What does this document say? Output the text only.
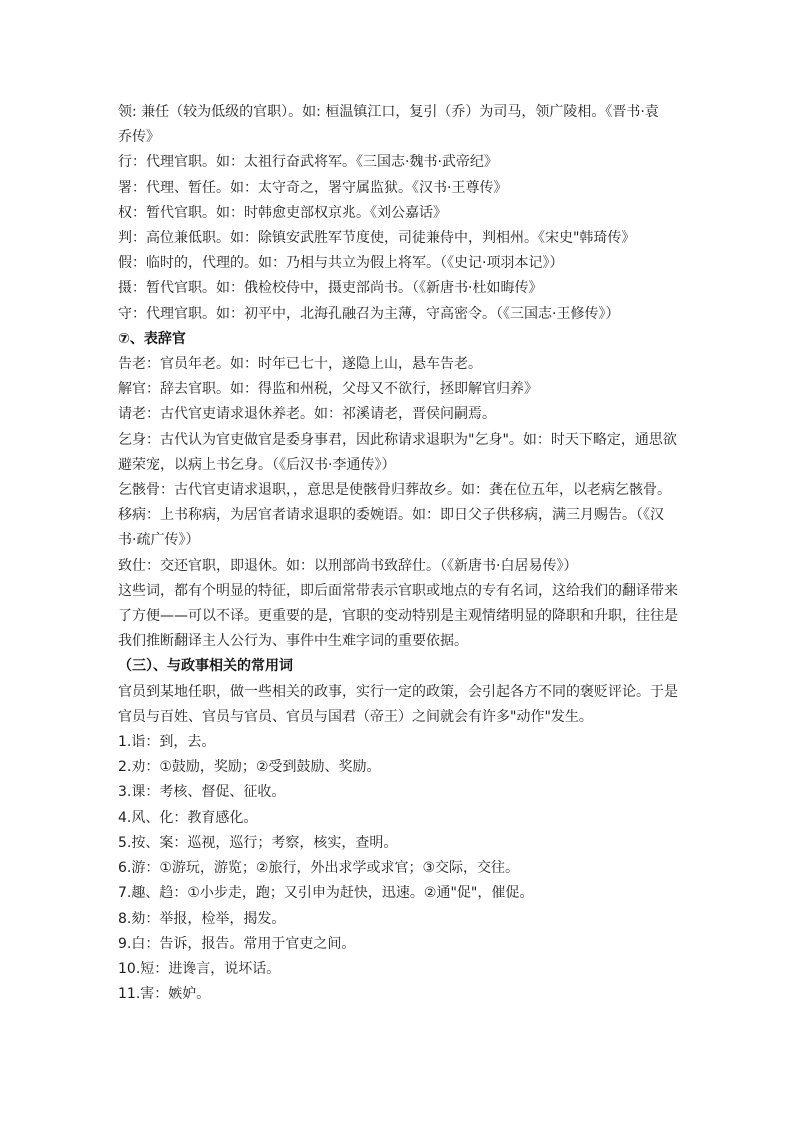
领: 兼任（较为低级的官职）。如: 桓温镇江口，复引（乔）为司马，领广陵相。《晋书·袁
乔传》
行：代理官职。如：太祖行奋武将军。《三国志·魏书·武帝纪》
署：代理、暂任。如：太守奇之，署守属监狱。《汉书·王尊传》
权：暂代官职。如：时韩愈吏部权京兆。《刘公嘉话》
判：高位兼低职。如：除镇安武胜军节度使，司徒兼侍中，判相州。《宋史"韩琦传》
假：临时的，代理的。如：乃相与共立为假上将军。（《史记·项羽本记》）
摄：暂代官职。如：俄检校侍中，摄吏部尚书。（《新唐书·杜如晦传》
守：代理官职。如：初平中，北海孔融召为主薄，守高密令。（《三国志·王修传》）
⑦、表辞官
告老：官员年老。如：时年已七十，遂隐上山，悬车告老。
解官：辞去官职。如：得监和州税，父母又不欲行，拯即解官归养》
请老：古代官吏请求退休养老。如：祁溪请老，晋侯问嗣焉。
乞身：古代认为官吏做官是委身事君，因此称请求退职为"乞身"。如：时天下略定，通思欲
避荣宠，以病上书乞身。（《后汉书·李通传》）
乞骸骨：古代官吏请求退职，，意思是使骸骨归葬故乡。如：龚在位五年，以老病乞骸骨。
移病：上书称病，为居官者请求退职的委婉语。如：即日父子供移病，满三月赐告。（《汉
书·疏广传》）
致仕：交还官职，即退休。如：以刑部尚书致辞仕。（《新唐书·白居易传》）
这些词，都有个明显的特征，即后面常带表示官职或地点的专有名词，这给我们的翻译带来
了方便——可以不译。更重要的是，官职的变动特别是主观情绪明显的降职和升职，往往是
我们推断翻译主人公行为、事件中生难字词的重要依据。
（三）、与政事相关的常用词
官员到某地任职，做一些相关的政事，实行一定的政策，会引起各方不同的褒贬评论。于是
官员与百姓、官员与官员、官员与国君（帝王）之间就会有许多"动作"发生。
1.诣：到，去。
2.劝：①鼓励，奖励；②受到鼓励、奖励。
3.课：考核、督促、征收。
4.风、化：教育感化。
5.按、案：巡视，巡行；考察，核实，查明。
6.游：①游玩，游览；②旅行，外出求学或求官；③交际，交往。
7.趣、趋：①小步走，跑；又引申为赶快，迅速。②通"促"，催促。
8.劾：举报，检举，揭发。
9.白：告诉，报告。常用于官吏之间。
10.短：进谗言，说坏话。
11.害：嫉妒。
